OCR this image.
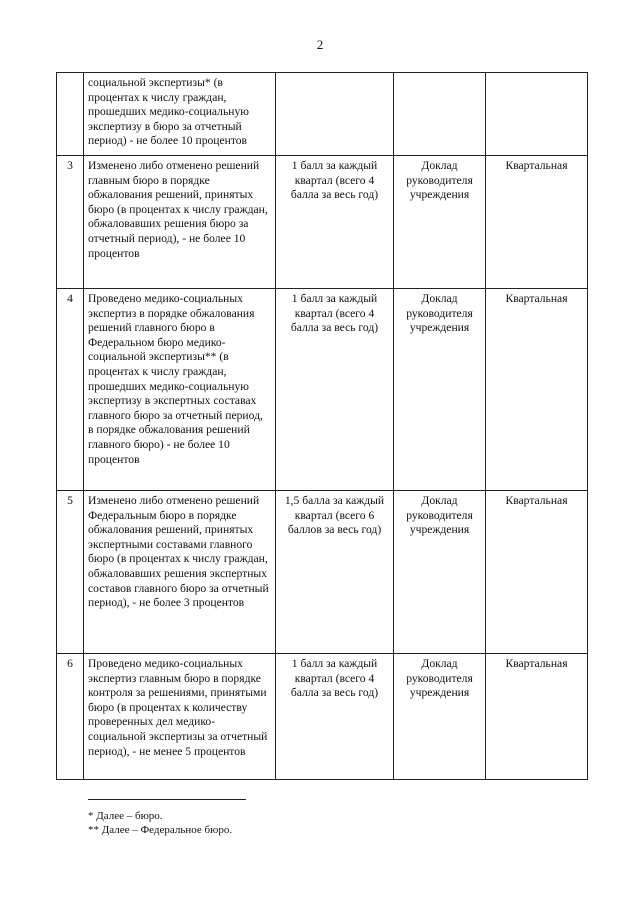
2
	социальной экспертизы* (в процентах к числу граждан, прошедших медико-социальную экспертизу в бюро за отчетный период) - не более 10 процентов			
3	Изменено либо отменено решений главным бюро в порядке обжалования решений, принятых бюро (в процентах к числу граждан, обжаловавших решения бюро за отчетный период), - не более 10 процентов	1 балл за каждый квартал (всего 4 балла за весь год)	Доклад руководителя учреждения	Квартальная
4	Проведено медико-социальных экспертиз в порядке обжалования решений главного бюро в Федеральном бюро медико-социальной экспертизы** (в процентах к числу граждан, прошедших медико-социальную экспертизу в экспертных составах главного бюро за отчетный период, в порядке обжалования решений главного бюро) - не более 10 процентов	1 балл за каждый квартал (всего 4 балла за весь год)	Доклад руководителя учреждения	Квартальная
5	Изменено либо отменено решений Федеральным бюро в порядке обжалования решений, принятых экспертными составами главного бюро (в процентах к числу граждан, обжаловавших решения экспертных составов главного бюро за отчетный период), - не более 3 процентов	1,5 балла за каждый квартал (всего 6 баллов за весь год)	Доклад руководителя учреждения	Квартальная
6	Проведено медико-социальных экспертиз главным бюро в порядке контроля за решениями, принятыми бюро (в процентах к количеству проверенных дел медико-социальной экспертизы за отчетный период), - не менее 5 процентов	1 балл за каждый квартал (всего 4 балла за весь год)	Доклад руководителя учреждения	Квартальная
* Далее – бюро.
** Далее – Федеральное бюро.
